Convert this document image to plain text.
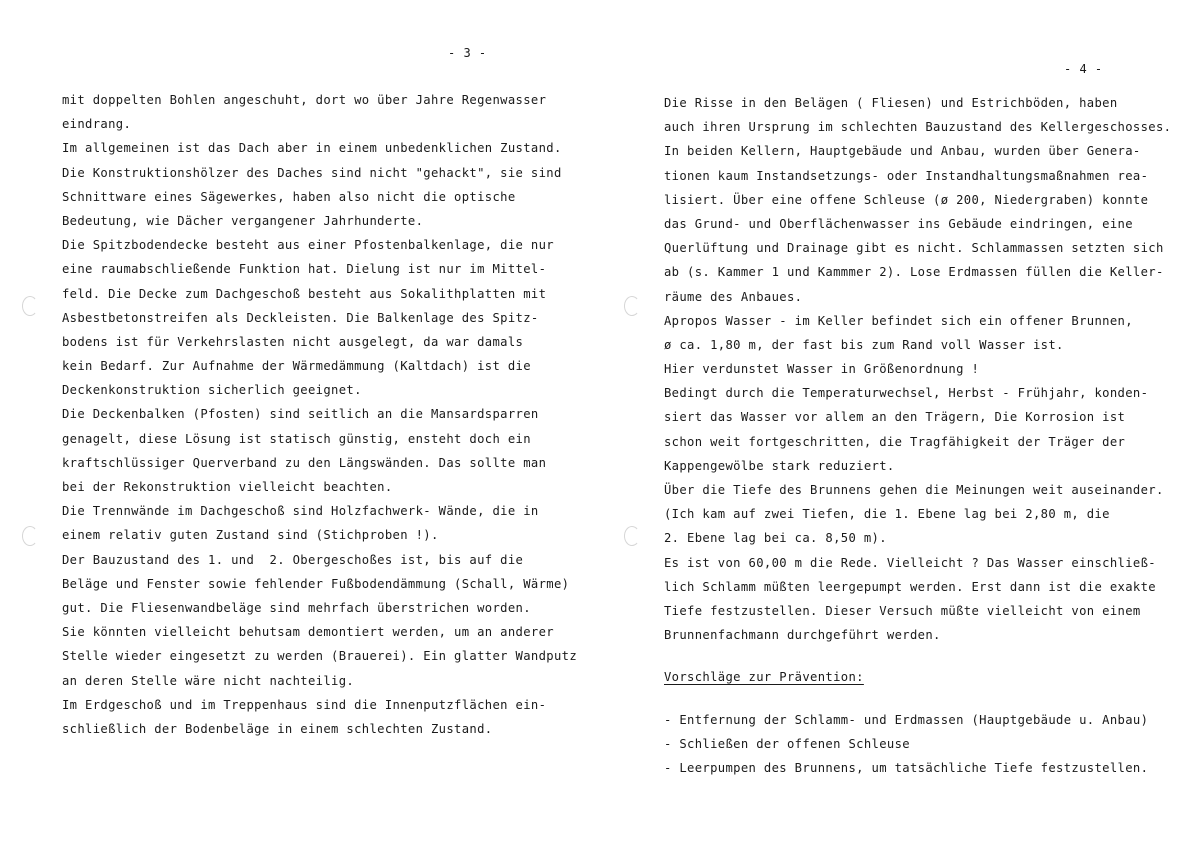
- 3 -
mit doppelten Bohlen angeschuht, dort wo über Jahre Regenwasser
eindrang.
Im allgemeinen ist das Dach aber in einem unbedenklichen Zustand.
Die Konstruktionshölzer des Daches sind nicht "gehackt", sie sind
Schnittware eines Sägewerkes, haben also nicht die optische
Bedeutung, wie Dächer vergangener Jahrhunderte.
Die Spitzbodendecke besteht aus einer Pfostenbalkenlage, die nur
eine raumabschließende Funktion hat. Dielung ist nur im Mittel-
feld. Die Decke zum Dachgeschoß besteht aus Sokalithplatten mit
Asbestbetonstreifen als Deckleisten. Die Balkenlage des Spitz-
bodens ist für Verkehrslasten nicht ausgelegt, da war damals
kein Bedarf. Zur Aufnahme der Wärmedämmung (Kaltdach) ist die
Deckenkonstruktion sicherlich geeignet.
Die Deckenbalken (Pfosten) sind seitlich an die Mansardsparren
genagelt, diese Lösung ist statisch günstig, ensteht doch ein
kraftschlüssiger Querverband zu den Längswänden. Das sollte man
bei der Rekonstruktion vielleicht beachten.
Die Trennwände im Dachgeschoß sind Holzfachwerk- Wände, die in
einem relativ guten Zustand sind (Stichproben !).
Der Bauzustand des 1. und  2. Obergeschoßes ist, bis auf die
Beläge und Fenster sowie fehlender Fußbodendämmung (Schall, Wärme)
gut. Die Fliesenwandbeläge sind mehrfach überstrichen worden.
Sie könnten vielleicht behutsam demontiert werden, um an anderer
Stelle wieder eingesetzt zu werden (Brauerei). Ein glatter Wandputz
an deren Stelle wäre nicht nachteilig.
Im Erdgeschoß und im Treppenhaus sind die Innenputzflächen ein-
schließlich der Bodenbeläge in einem schlechten Zustand.
- 4 -
Die Risse in den Belägen ( Fliesen) und Estrichböden, haben
auch ihren Ursprung im schlechten Bauzustand des Kellergeschosses.
In beiden Kellern, Hauptgebäude und Anbau, wurden über Genera-
tionen kaum Instandsetzungs- oder Instandhaltungsmaßnahmen rea-
lisiert. Über eine offene Schleuse (ø 200, Niedergraben) konnte
das Grund- und Oberflächenwasser ins Gebäude eindringen, eine
Querlüftung und Drainage gibt es nicht. Schlammassen setzten sich
ab (s. Kammer 1 und Kammmer 2). Lose Erdmassen füllen die Keller-
räume des Anbaues.
Apropos Wasser - im Keller befindet sich ein offener Brunnen,
ø ca. 1,80 m, der fast bis zum Rand voll Wasser ist.
Hier verdunstet Wasser in Größenordnung !
Bedingt durch die Temperaturwechsel, Herbst - Frühjahr, konden-
siert das Wasser vor allem an den Trägern, Die Korrosion ist
schon weit fortgeschritten, die Tragfähigkeit der Träger der
Kappengewölbe stark reduziert.
Über die Tiefe des Brunnens gehen die Meinungen weit auseinander.
(Ich kam auf zwei Tiefen, die 1. Ebene lag bei 2,80 m, die
2. Ebene lag bei ca. 8,50 m).
Es ist von 60,00 m die Rede. Vielleicht ? Das Wasser einschließ-
lich Schlamm müßten leergepumpt werden. Erst dann ist die exakte
Tiefe festzustellen. Dieser Versuch müßte vielleicht von einem
Brunnenfachmann durchgeführt werden.
Vorschläge zur Prävention:
- Entfernung der Schlamm- und Erdmassen (Hauptgebäude u. Anbau)
- Schließen der offenen Schleuse
- Leerpumpen des Brunnens, um tatsächliche Tiefe festzustellen.
